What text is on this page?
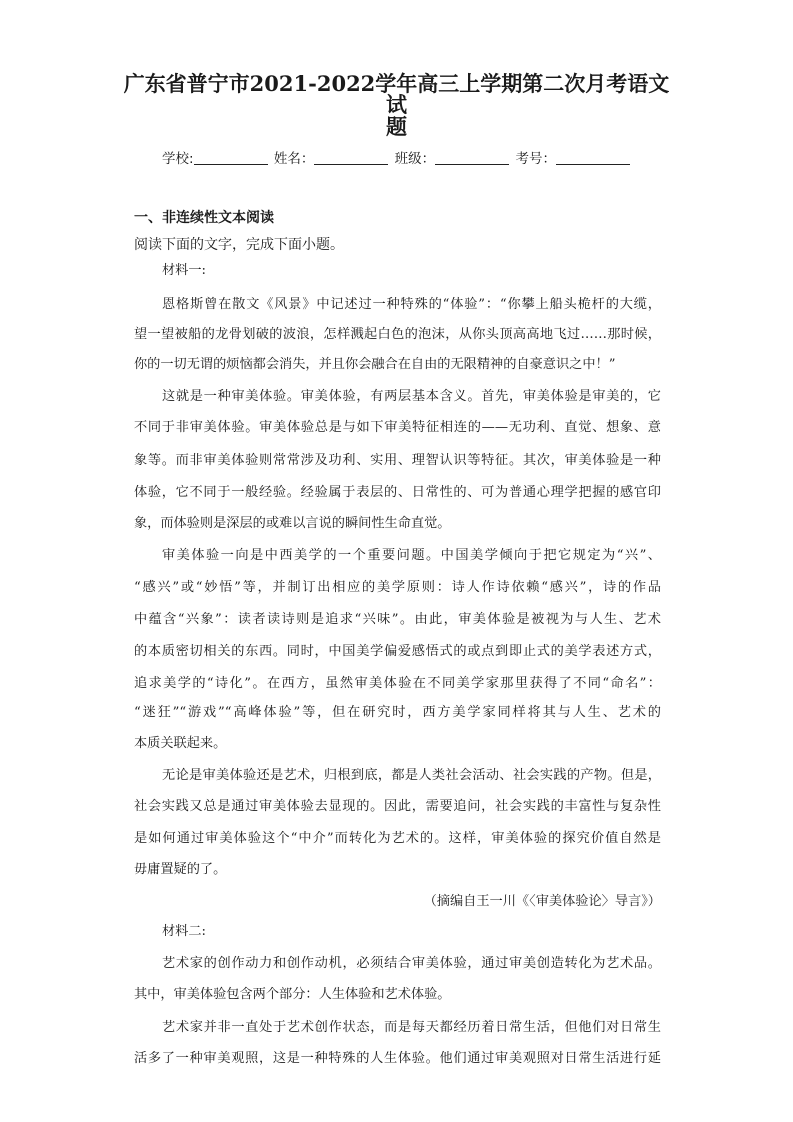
广东省普宁市2021-2022学年高三上学期第二次月考语文试
题
学校:	姓名：	班级：	考号：
一、非连续性文本阅读
阅读下面的文字，完成下面小题。
材料一:
恩格斯曾在散文《风景》中记述过一种特殊的“体验”：“你攀上船头桅杆的大缆，
望一望被船的龙骨划破的波浪，怎样溅起白色的泡沫，从你头顶高高地飞过……那时候，
你的一切无谓的烦恼都会消失，并且你会融合在自由的无限精神的自豪意识之中！”
这就是一种审美体验。审美体验，有两层基本含义。首先，审美体验是审美的，它
不同于非审美体验。审美体验总是与如下审美特征相连的——无功利、直觉、想象、意
象等。而非审美体验则常常涉及功利、实用、理智认识等特征。其次，审美体验是一种
体验，它不同于一般经验。经验属于表层的、日常性的、可为普通心理学把握的感官印
象，而体验则是深层的或难以言说的瞬间性生命直觉。
审美体验一向是中西美学的一个重要问题。中国美学倾向于把它规定为“兴”、
“感兴”或“妙悟”等，并制订出相应的美学原则：诗人作诗依赖“感兴”，诗的作品
中蕴含“兴象”：读者读诗则是追求“兴味”。由此，审美体验是被视为与人生、艺术
的本质密切相关的东西。同时，中国美学偏爱感悟式的或点到即止式的美学表述方式，
追求美学的“诗化”。在西方，虽然审美体验在不同美学家那里获得了不同“命名”：
“迷狂”“游戏”“高峰体验”等，但在研究时，西方美学家同样将其与人生、艺术的
本质关联起来。
无论是审美体验还是艺术，归根到底，都是人类社会活动、社会实践的产物。但是，
社会实践又总是通过审美体验去显现的。因此，需要追问，社会实践的丰富性与复杂性
是如何通过审美体验这个“中介”而转化为艺术的。这样，审美体验的探究价值自然是
毋庸置疑的了。
（摘编自王一川《〈审美体验论〉导言》）
材料二:
艺术家的创作动力和创作动机，必须结合审美体验，通过审美创造转化为艺术品。
其中，审美体验包含两个部分：人生体验和艺术体验。
艺术家并非一直处于艺术创作状态，而是每天都经历着日常生活，但他们对日常生
活多了一种审美观照，这是一种特殊的人生体验。他们通过审美观照对日常生活进行延
